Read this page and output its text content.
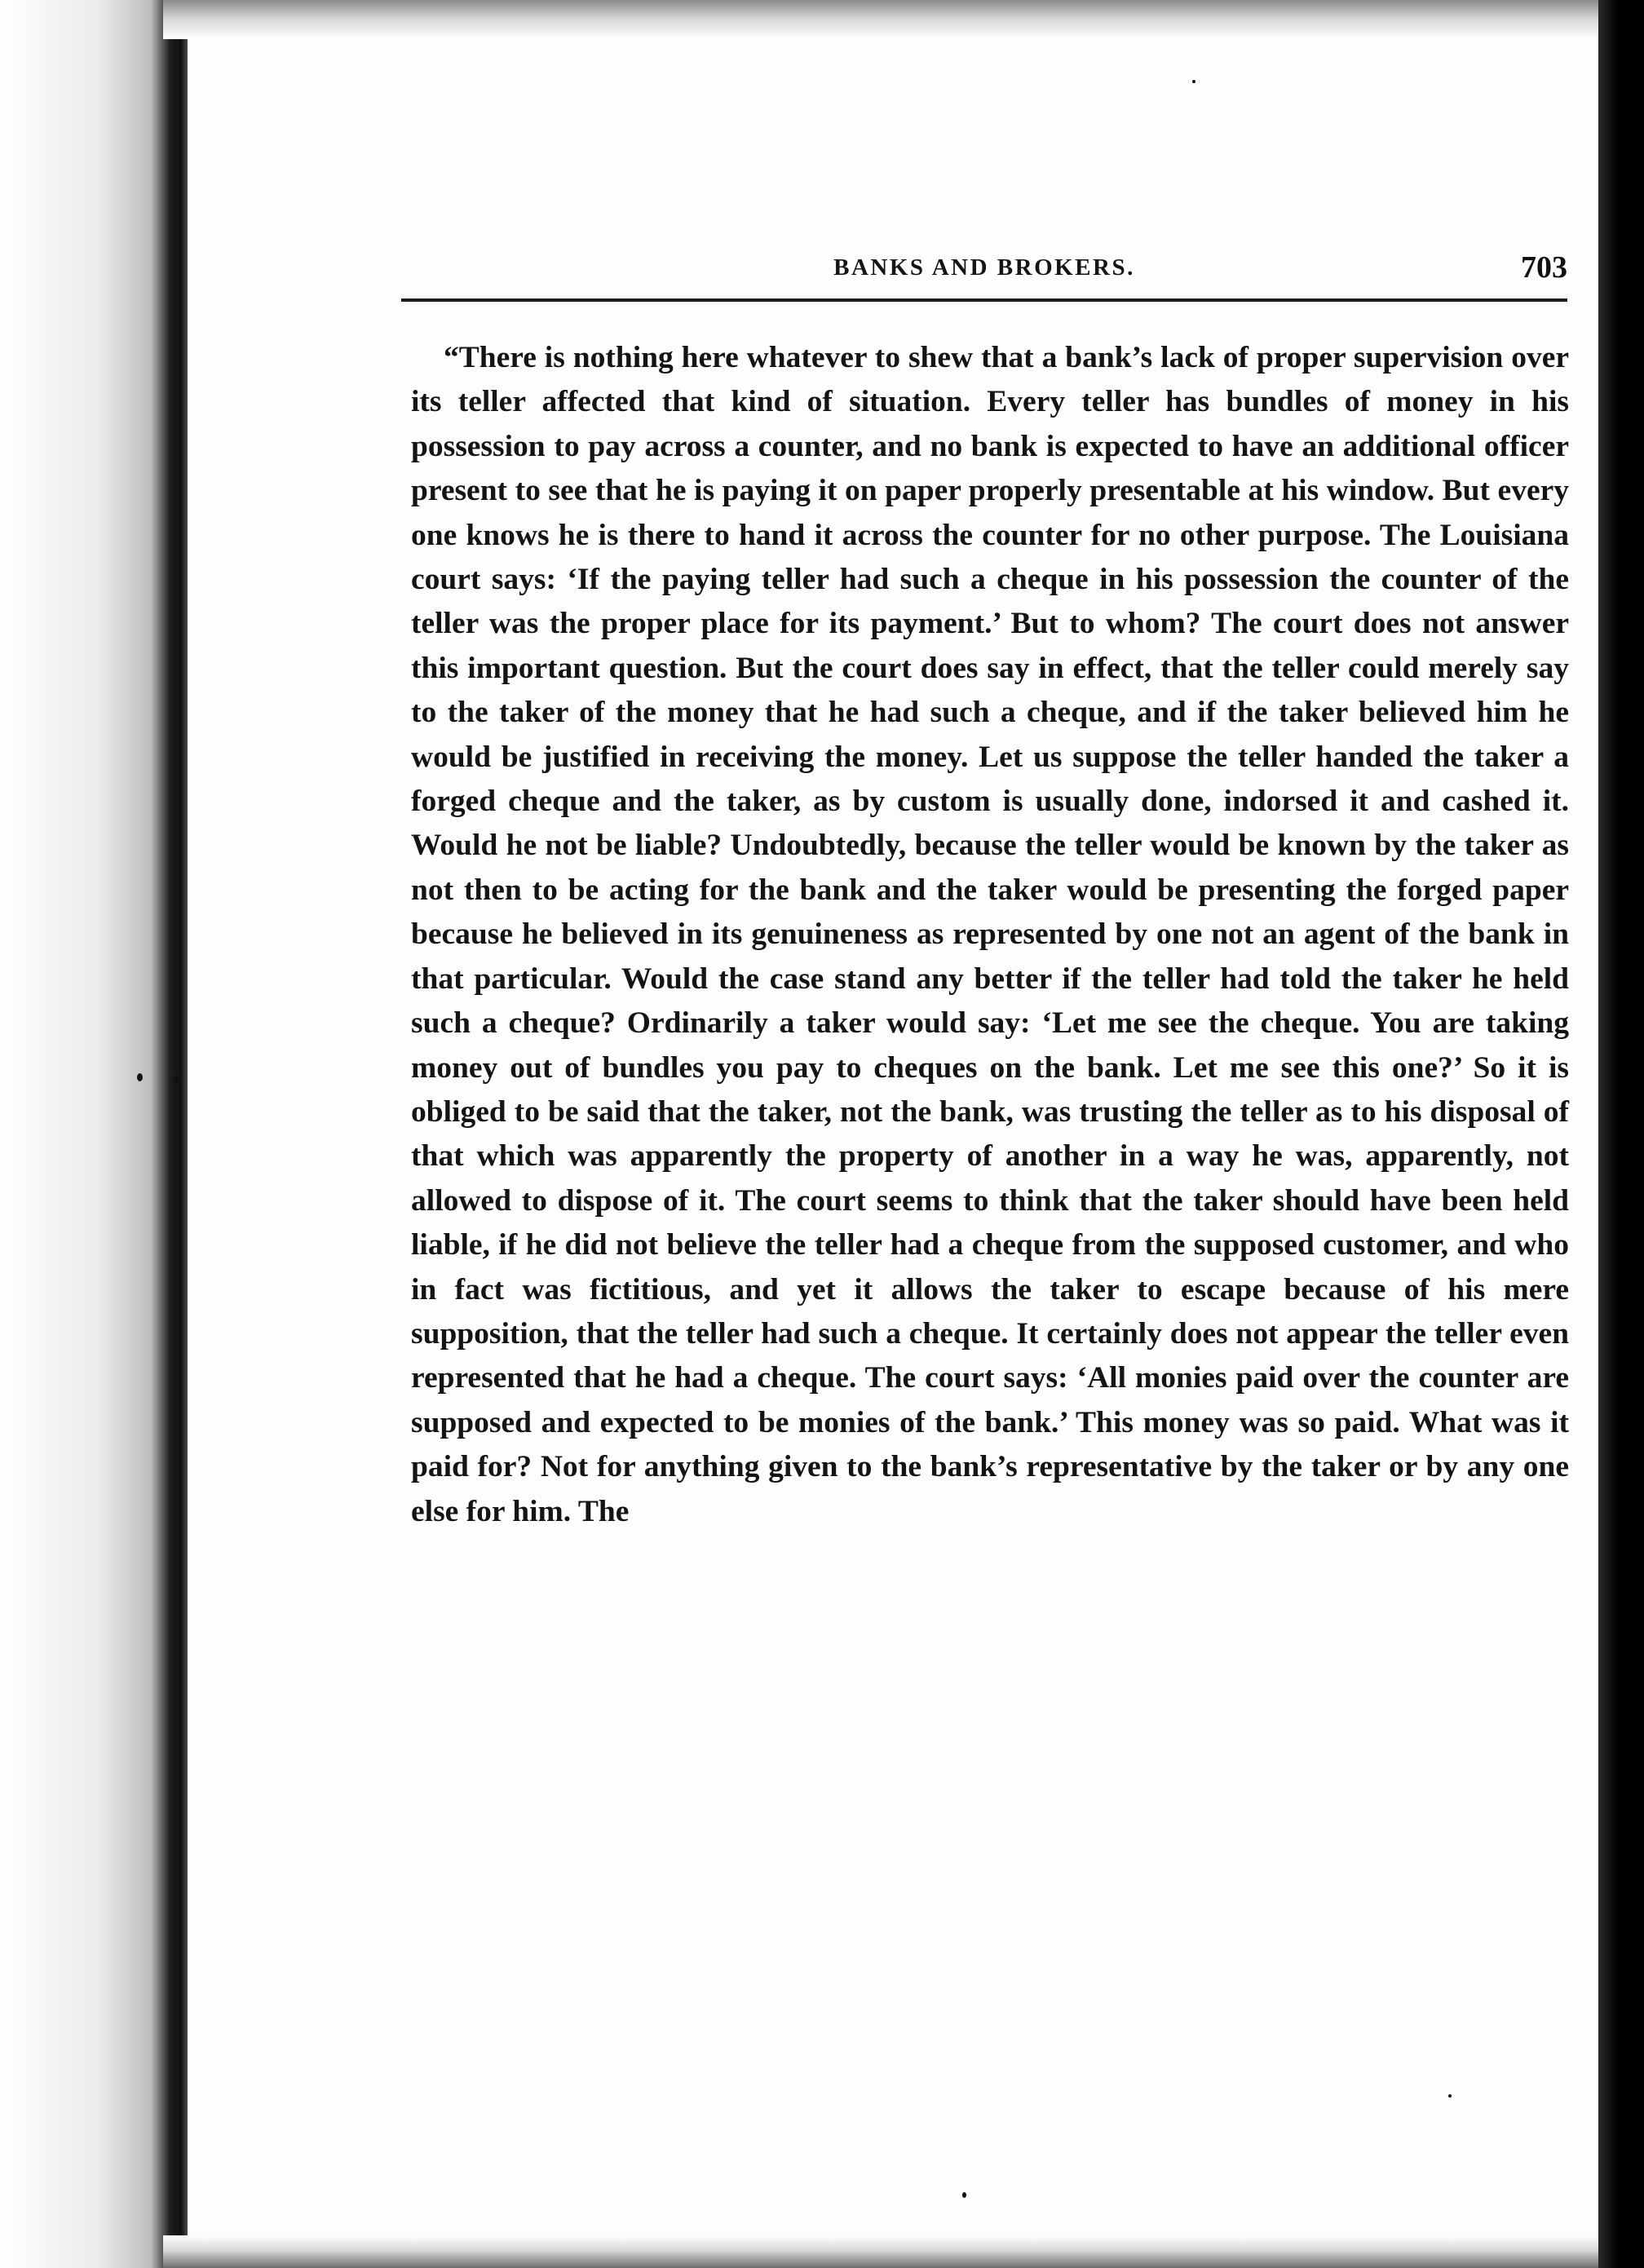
BANKS AND BROKERS.	703

“There is nothing here whatever to shew that a bank’s lack of proper supervision over its teller affected that kind of situation. Every teller has bundles of money in his possession to pay across a counter, and no bank is expected to have an additional officer present to see that he is paying it on paper properly presentable at his window. But every one knows he is there to hand it across the counter for no other purpose. The Louisiana court says: ‘If the paying teller had such a cheque in his possession the counter of the teller was the proper place for its payment.’ But to whom? The court does not answer this important question. But the court does say in effect, that the teller could merely say to the taker of the money that he had such a cheque, and if the taker believed him he would be justified in receiving the money. Let us suppose the teller handed the taker a forged cheque and the taker, as by custom is usually done, indorsed it and cashed it. Would he not be liable? Undoubtedly, because the teller would be known by the taker as not then to be acting for the bank and the taker would be presenting the forged paper because he believed in its genuineness as represented by one not an agent of the bank in that particular. Would the case stand any better if the teller had told the taker he held such a cheque? Ordinarily a taker would say: ‘Let me see the cheque. You are taking money out of bundles you pay to cheques on the bank. Let me see this one?’ So it is obliged to be said that the taker, not the bank, was trusting the teller as to his disposal of that which was apparently the property of another in a way he was, apparently, not allowed to dispose of it. The court seems to think that the taker should have been held liable, if he did not believe the teller had a cheque from the supposed customer, and who in fact was fictitious, and yet it allows the taker to escape because of his mere supposition, that the teller had such a cheque. It certainly does not appear the teller even represented that he had a cheque. The court says: ‘All monies paid over the counter are supposed and expected to be monies of the bank.’ This money was so paid. What was it paid for? Not for anything given to the bank’s representative by the taker or by any one else for him. The
